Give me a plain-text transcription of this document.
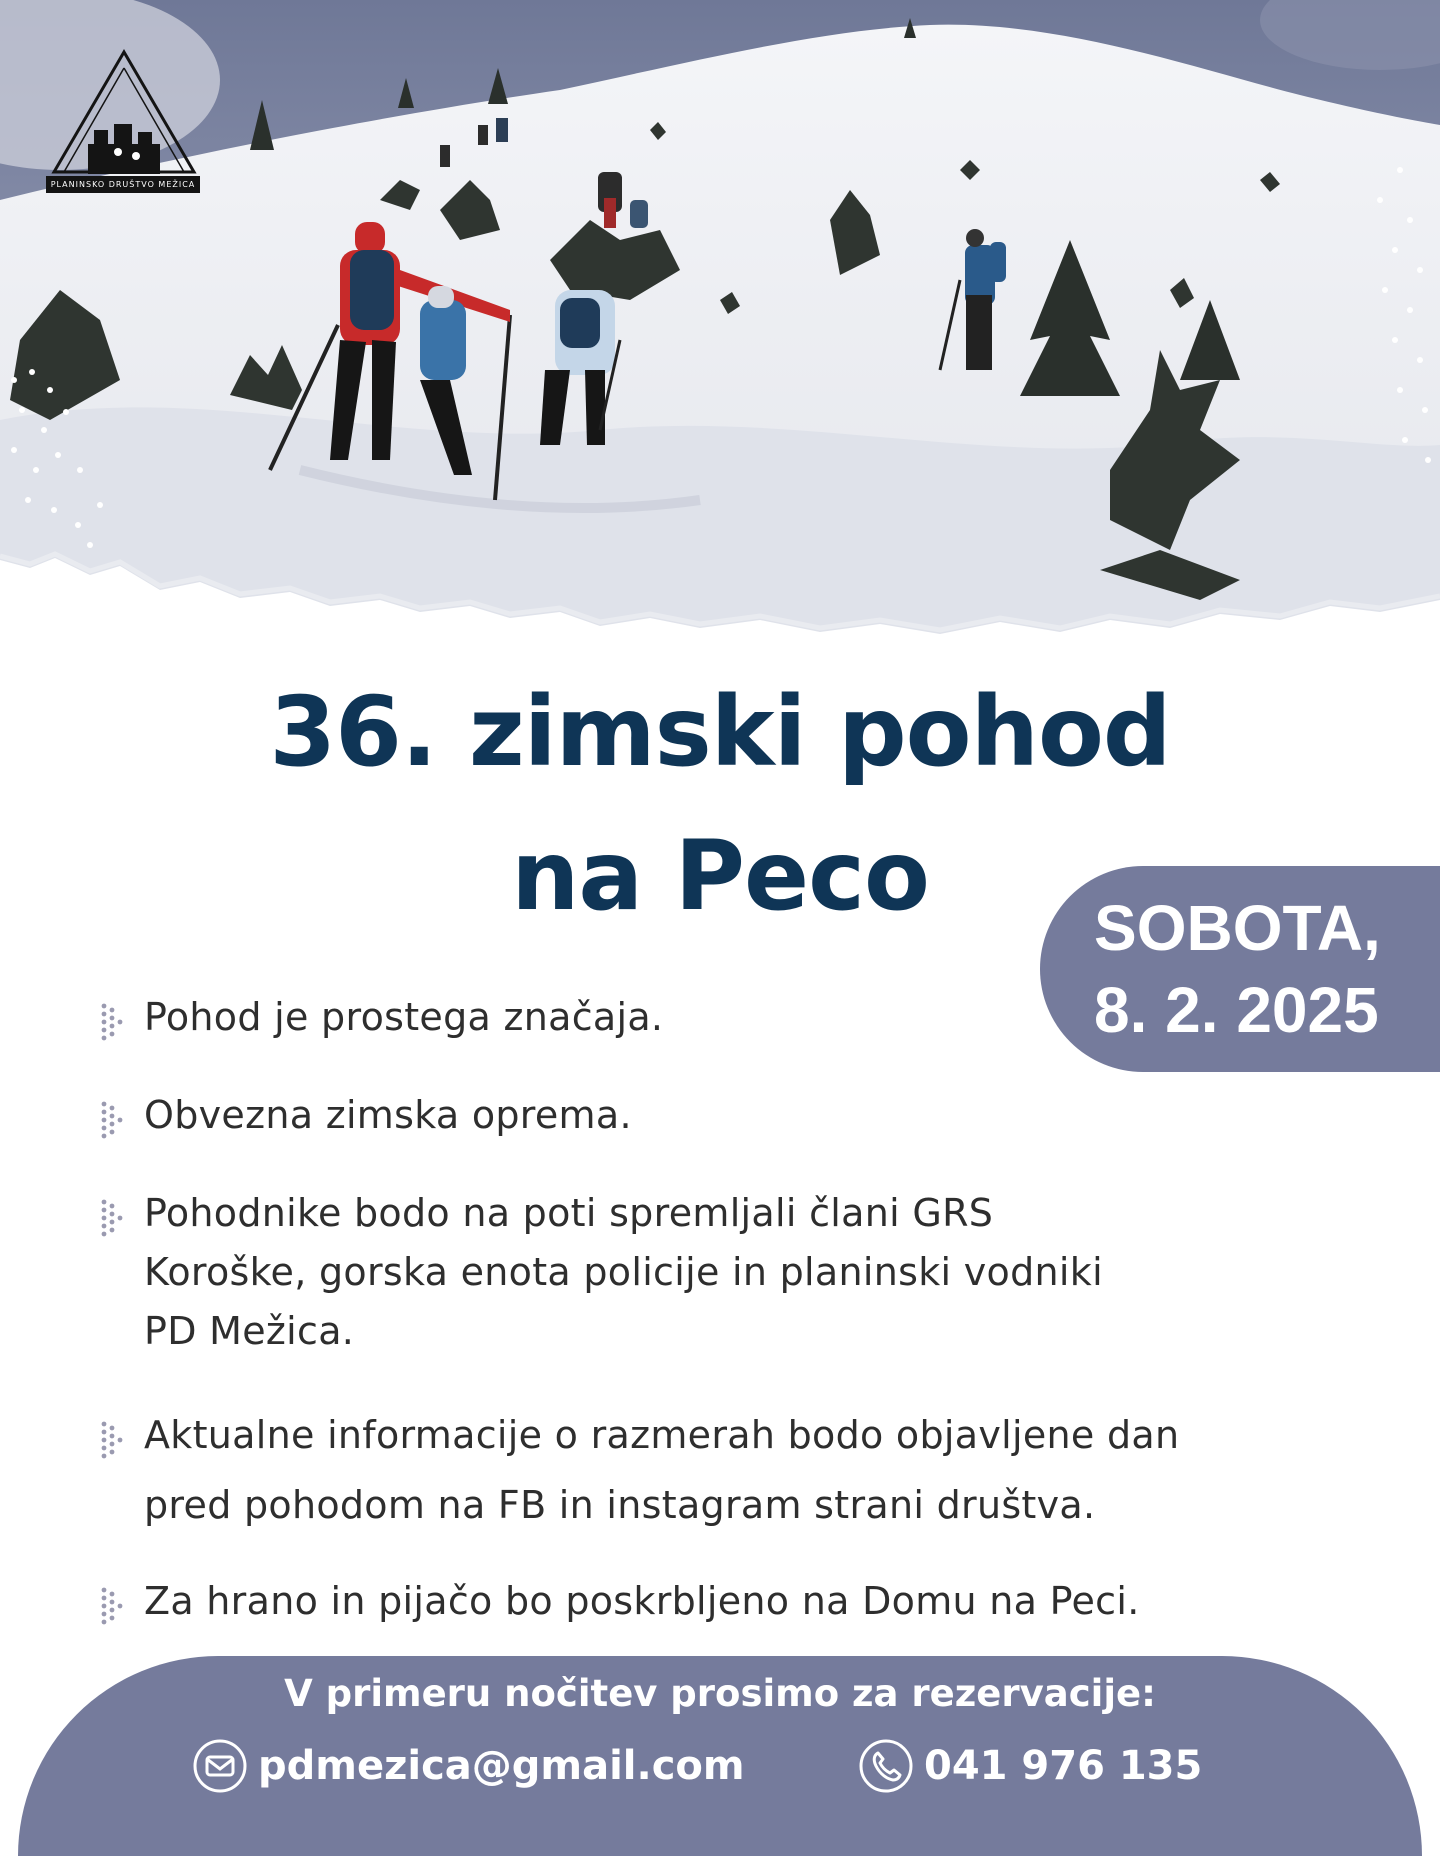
PLANINSKO DRUŠTVO MEŽICA
36. zimski pohod
na Peco	SOBOTA,
8. 2. 2025
Pohod je prostega značaja.
Obvezna zimska oprema.
Pohodnike bodo na poti spremljali člani GRS
Koroške, gorska enota policije in planinski vodniki
PD Mežica.
Aktualne informacije o razmerah bodo objavljene dan
pred pohodom na FB in instagram strani društva.
Za hrano in pijačo bo poskrbljeno na Domu na Peci.
V primeru nočitev prosimo za rezervacije:
pdmezica@gmail.com	041 976 135
